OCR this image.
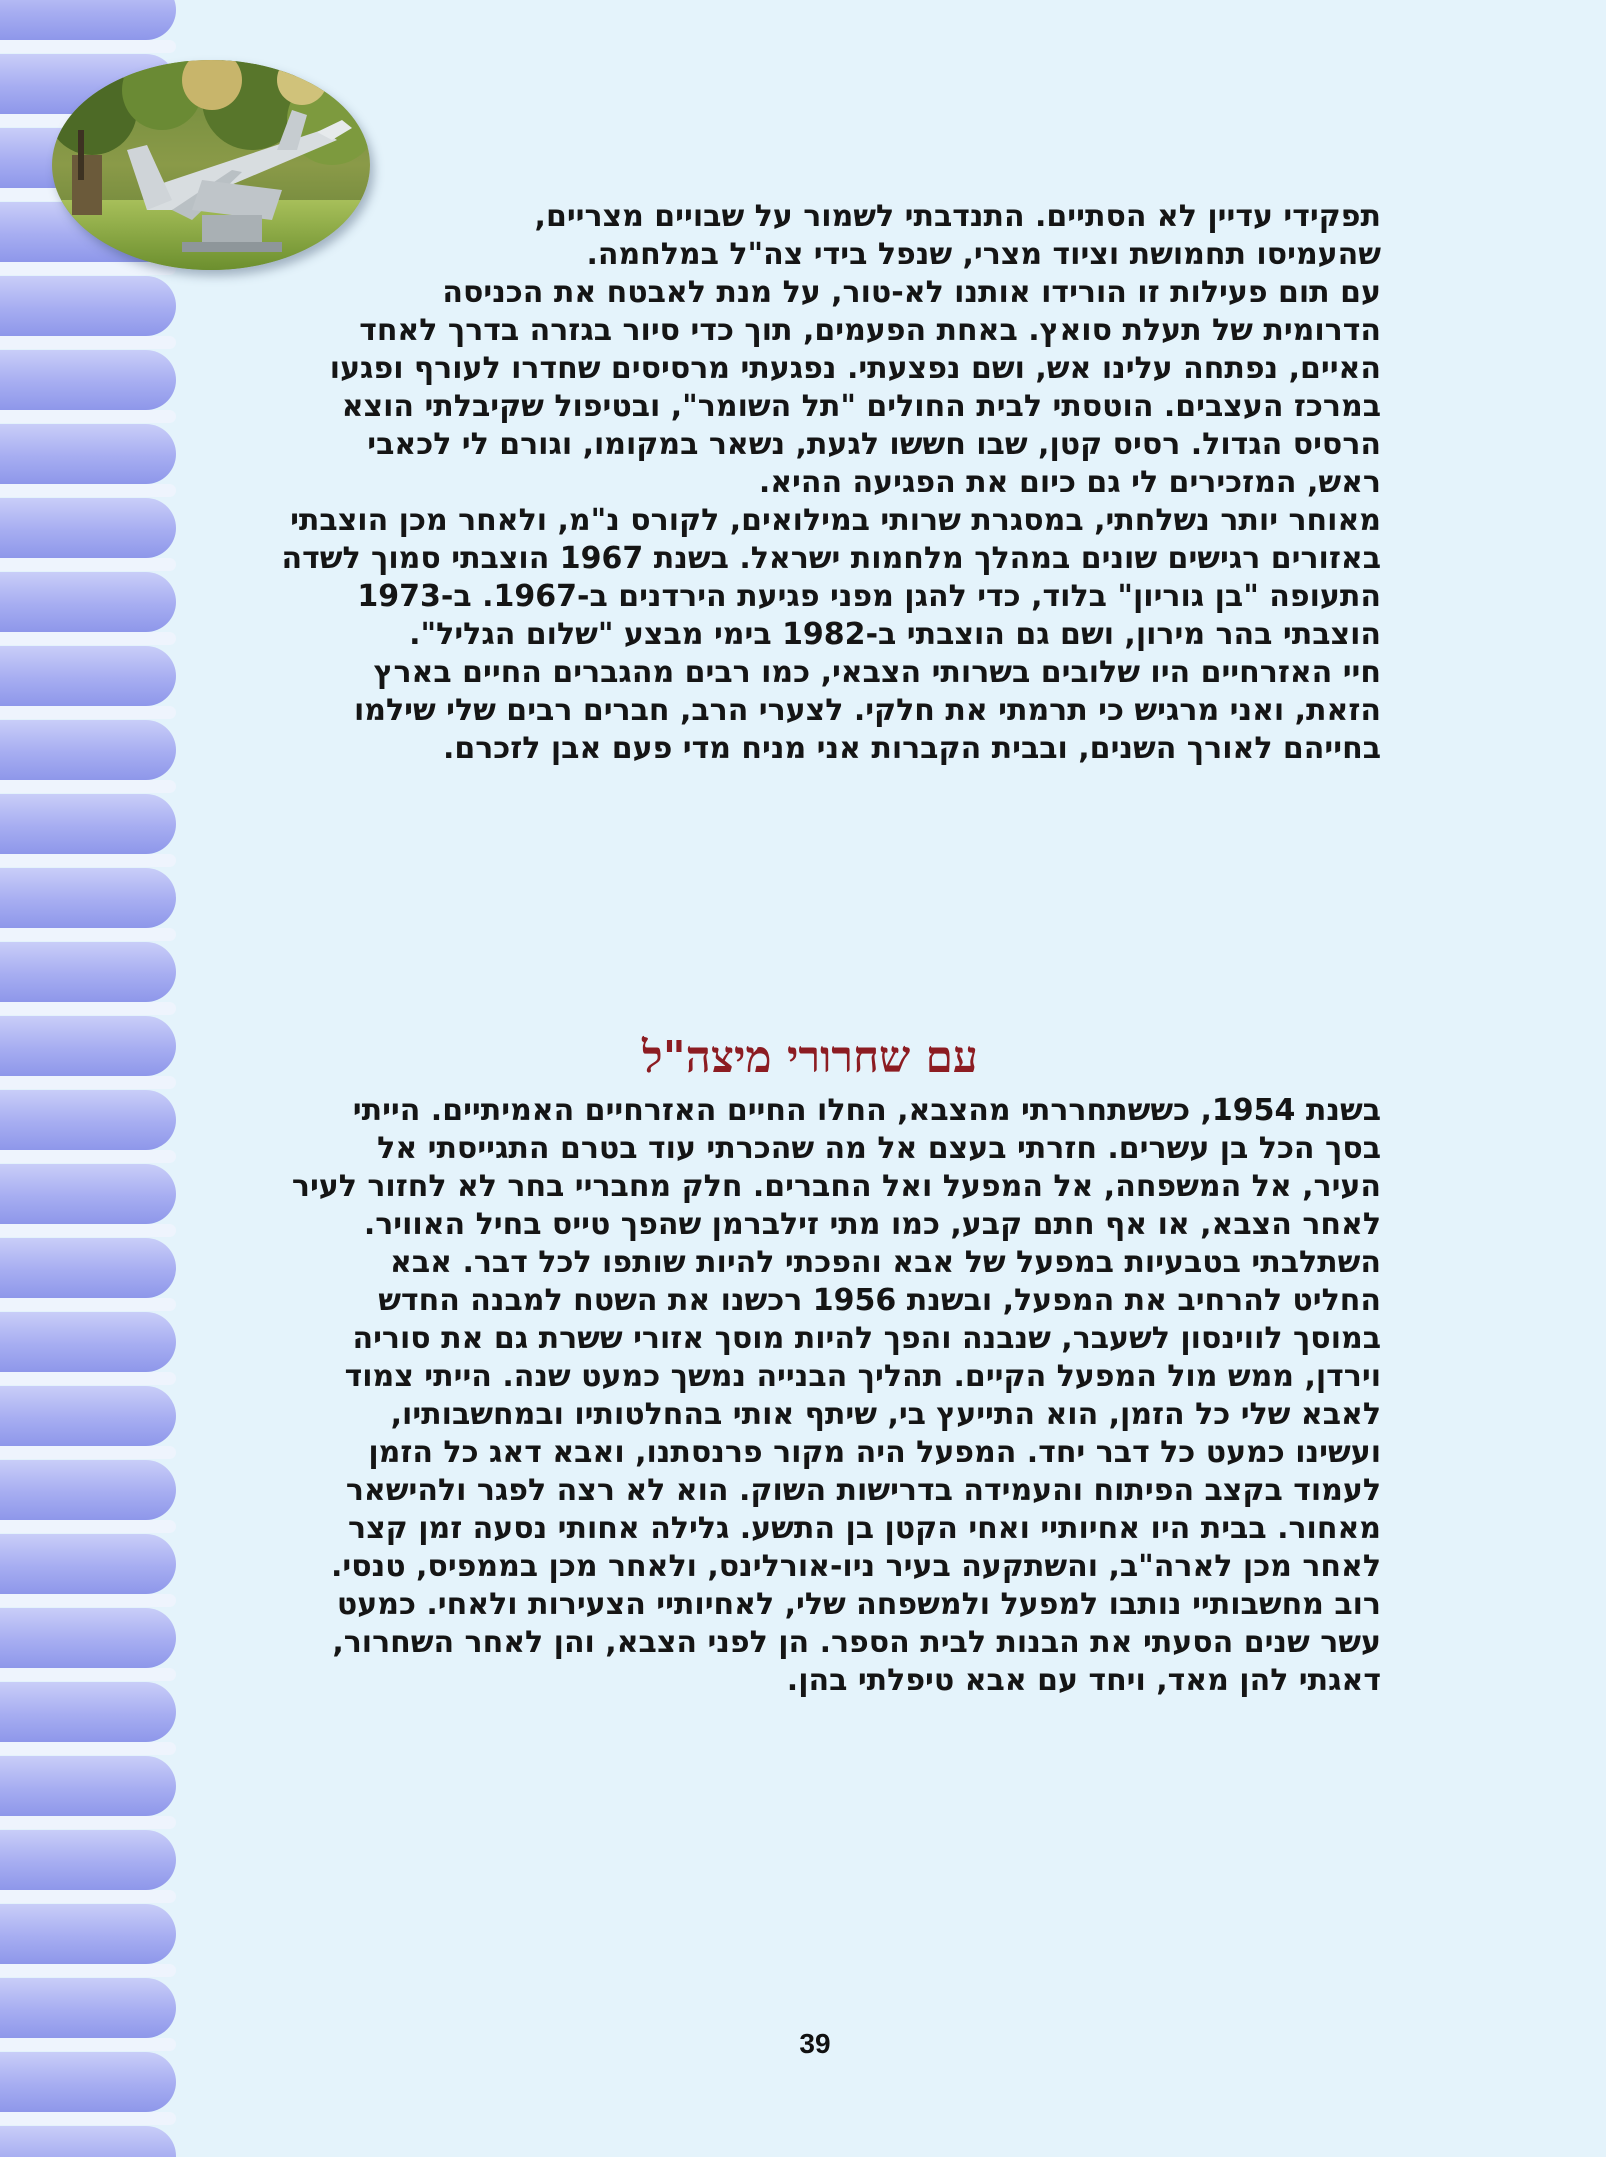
תפקידי עדיין לא הסתיים. התנדבתי לשמור על שבויים מצריים,
שהעמיסו תחמושת וציוד מצרי, שנפל בידי צה"ל במלחמה.
עם תום פעילות זו הורידו אותנו לא-טור, על מנת לאבטח את הכניסה
הדרומית של תעלת סואץ. באחת הפעמים, תוך כדי סיור בגזרה בדרך לאחד
האיים, נפתחה עלינו אש, ושם נפצעתי. נפגעתי מרסיסים שחדרו לעורף ופגעו
במרכז העצבים. הוטסתי לבית החולים "תל השומר", ובטיפול שקיבלתי הוצא
הרסיס הגדול. רסיס קטן, שבו חששו לגעת, נשאר במקומו, וגורם לי לכאבי
ראש, המזכירים לי גם כיום את הפגיעה ההיא.
מאוחר יותר נשלחתי, במסגרת שרותי במילואים, לקורס נ"מ, ולאחר מכן הוצבתי
באזורים רגישים שונים במהלך מלחמות ישראל. בשנת 1967 הוצבתי סמוך לשדה
התעופה "בן גוריון" בלוד, כדי להגן מפני פגיעת הירדנים ב-1967. ב-1973
הוצבתי בהר מירון, ושם גם הוצבתי ב-1982 בימי מבצע "שלום הגליל".
חיי האזרחיים היו שלובים בשרותי הצבאי, כמו רבים מהגברים החיים בארץ
הזאת, ואני מרגיש כי תרמתי את חלקי. לצערי הרב, חברים רבים שלי שילמו
בחייהם לאורך השנים, ובבית הקברות אני מניח מדי פעם אבן לזכרם.
עם שחרורי מיצה"ל
בשנת 1954, כששתחררתי מהצבא, החלו החיים האזרחיים האמיתיים. הייתי
בסך הכל בן עשרים. חזרתי בעצם אל מה שהכרתי עוד בטרם התגייסתי אל
העיר, אל המשפחה, אל המפעל ואל החברים. חלק מחבריי בחר לא לחזור לעיר
לאחר הצבא, או אף חתם קבע, כמו מתי זילברמן שהפך טייס בחיל האוויר.
השתלבתי בטבעיות במפעל של אבא והפכתי להיות שותפו לכל דבר. אבא
החליט להרחיב את המפעל, ובשנת 1956 רכשנו את השטח למבנה החדש
במוסך לווינסון לשעבר, שנבנה והפך להיות מוסך אזורי ששרת גם את סוריה
וירדן, ממש מול המפעל הקיים. תהליך הבנייה נמשך כמעט שנה. הייתי צמוד
לאבא שלי כל הזמן, הוא התייעץ בי, שיתף אותי בהחלטותיו ובמחשבותיו,
ועשינו כמעט כל דבר יחד. המפעל היה מקור פרנסתנו, ואבא דאג כל הזמן
לעמוד בקצב הפיתוח והעמידה בדרישות השוק. הוא לא רצה לפגר ולהישאר
מאחור. בבית היו אחיותיי ואחי הקטן בן התשע. גלילה אחותי נסעה זמן קצר
לאחר מכן לארה"ב, והשתקעה בעיר ניו-אורלינס, ולאחר מכן בממפיס, טנסי.
רוב מחשבותיי נותבו למפעל ולמשפחה שלי, לאחיותיי הצעירות ולאחי. כמעט
עשר שנים הסעתי את הבנות לבית הספר. הן לפני הצבא, והן לאחר השחרור,
דאגתי להן מאד, ויחד עם אבא טיפלתי בהן.
39
